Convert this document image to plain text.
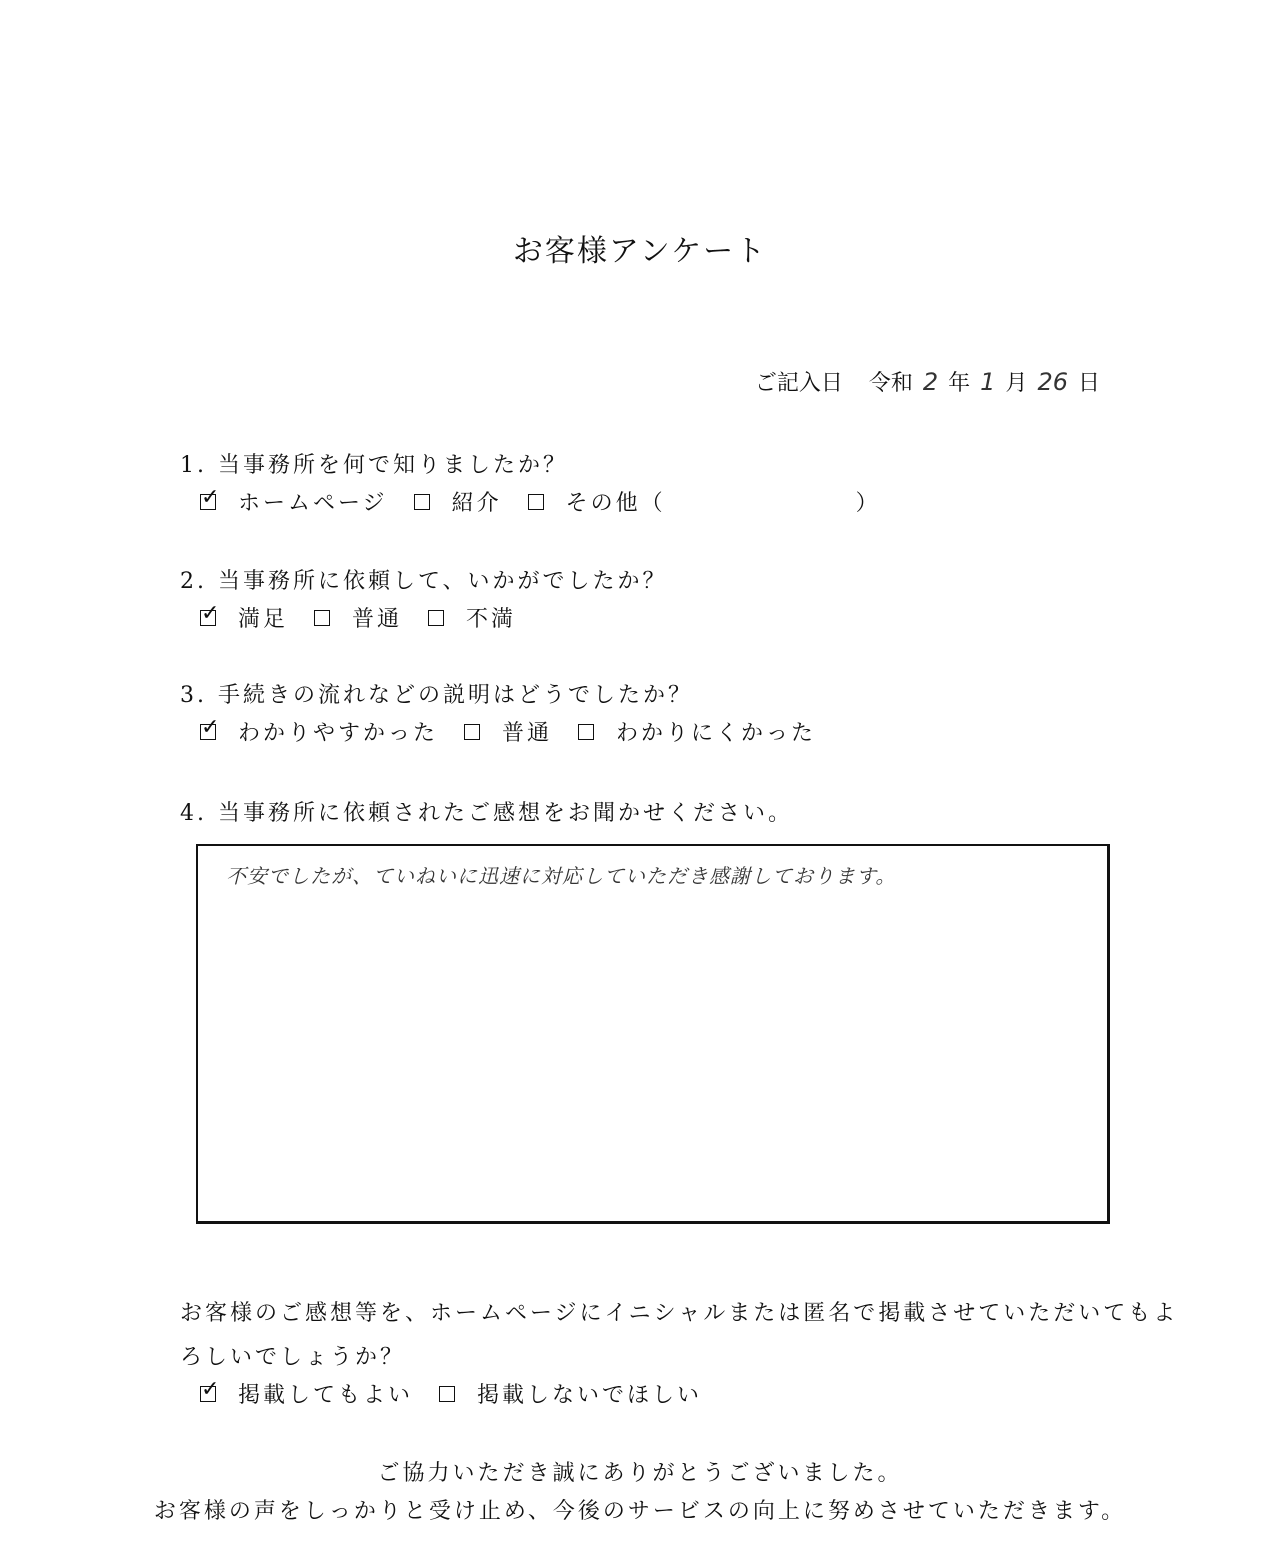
お客様アンケート
ご記入日 令和 2 年 1 月 26 日
1. 当事務所を何で知りましたか？
✓ ホームページ	紹介	その他（	）
2. 当事務所に依頼して、いかがでしたか？
✓ 満足	普通	不満
3. 手続きの流れなどの説明はどうでしたか？
✓ わかりやすかった	普通	わかりにくかった
4. 当事務所に依頼されたご感想をお聞かせください。
不安でしたが、ていねいに迅速に対応していただき感謝しております。
お客様のご感想等を、ホームページにイニシャルまたは匿名で掲載させていただいてもよ
ろしいでしょうか？
✓ 掲載してもよい	掲載しないでほしい
ご協力いただき誠にありがとうございました。
お客様の声をしっかりと受け止め、今後のサービスの向上に努めさせていただきます。
